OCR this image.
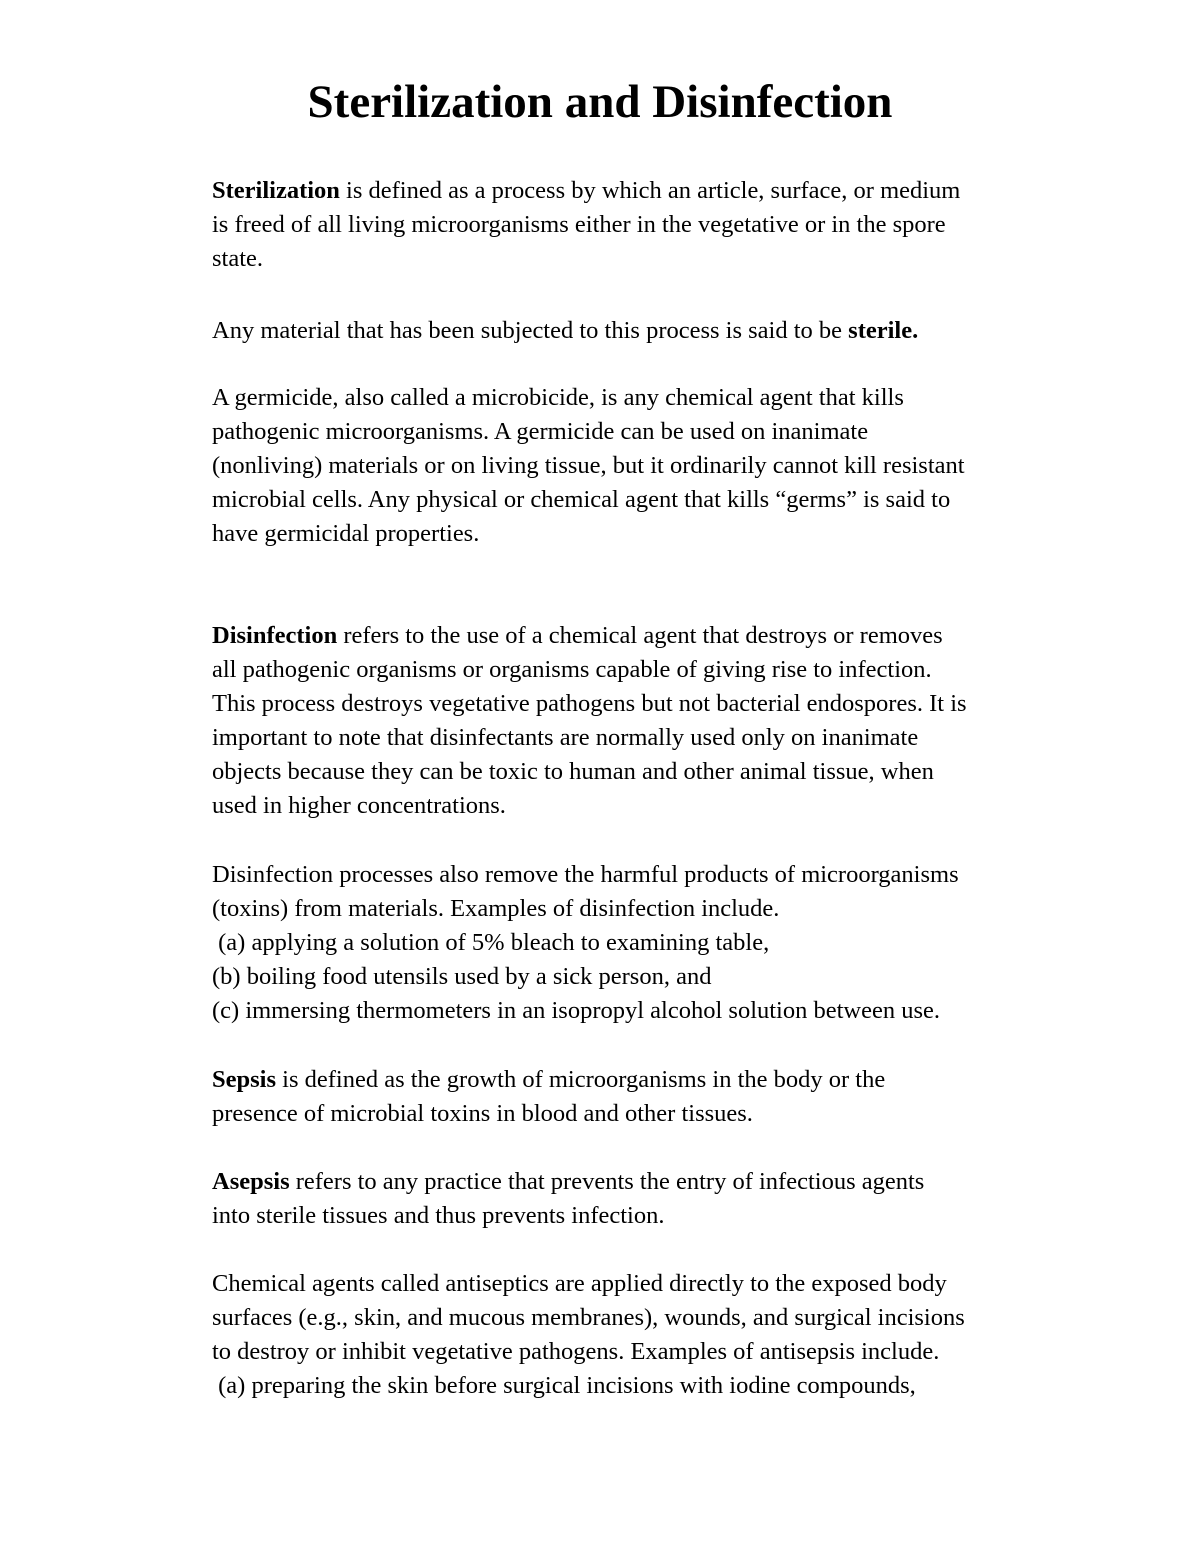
Sterilization and Disinfection

Sterilization is defined as a process by which an article, surface, or medium
is freed of all living microorganisms either in the vegetative or in the spore
state.

Any material that has been subjected to this process is said to be sterile.

A germicide, also called a microbicide, is any chemical agent that kills
pathogenic microorganisms. A germicide can be used on inanimate
(nonliving) materials or on living tissue, but it ordinarily cannot kill resistant
microbial cells. Any physical or chemical agent that kills “germs” is said to
have germicidal properties.

Disinfection refers to the use of a chemical agent that destroys or removes
all pathogenic organisms or organisms capable of giving rise to infection.
This process destroys vegetative pathogens but not bacterial endospores. It is
important to note that disinfectants are normally used only on inanimate
objects because they can be toxic to human and other animal tissue, when
used in higher concentrations.

Disinfection processes also remove the harmful products of microorganisms
(toxins) from materials. Examples of disinfection include.
(a) applying a solution of 5% bleach to examining table,
(b) boiling food utensils used by a sick person, and
(c) immersing thermometers in an isopropyl alcohol solution between use.

Sepsis is defined as the growth of microorganisms in the body or the
presence of microbial toxins in blood and other tissues.

Asepsis refers to any practice that prevents the entry of infectious agents
into sterile tissues and thus prevents infection.

Chemical agents called antiseptics are applied directly to the exposed body
surfaces (e.g., skin, and mucous membranes), wounds, and surgical incisions
to destroy or inhibit vegetative pathogens. Examples of antisepsis include.
(a) preparing the skin before surgical incisions with iodine compounds,
